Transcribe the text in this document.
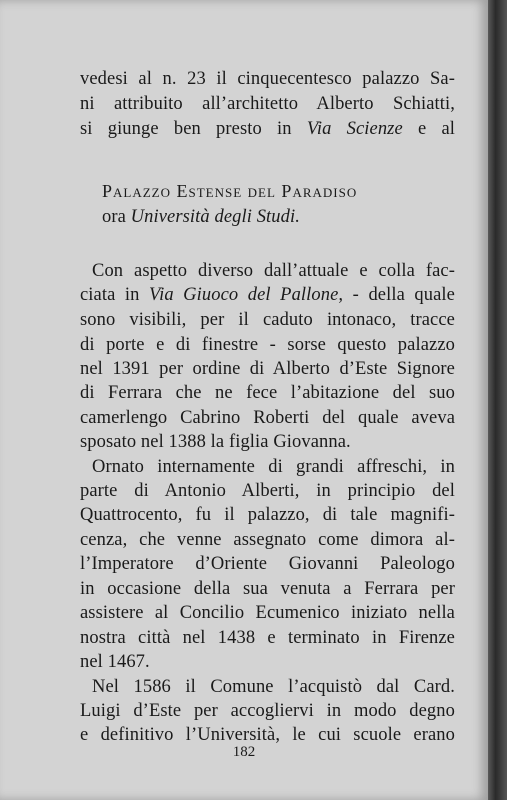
vedesi al n. 23 il cinquecentesco palazzo Sa-
ni attribuito all’architetto Alberto Schiatti,
si giunge ben presto in Via Scienze e al
Palazzo Estense del Paradiso
ora Università degli Studi.
Con aspetto diverso dall’attuale e colla fac-
ciata in Via Giuoco del Pallone, - della quale
sono visibili, per il caduto intonaco, tracce
di porte e di finestre - sorse questo palazzo
nel 1391 per ordine di Alberto d’Este Signore
di Ferrara che ne fece l’abitazione del suo
camerlengo Cabrino Roberti del quale aveva
sposato nel 1388 la figlia Giovanna.
Ornato internamente di grandi affreschi, in
parte di Antonio Alberti, in principio del
Quattrocento, fu il palazzo, di tale magnifi-
cenza, che venne assegnato come dimora al-
l’Imperatore d’Oriente Giovanni Paleologo
in occasione della sua venuta a Ferrara per
assistere al Concilio Ecumenico iniziato nella
nostra città nel 1438 e terminato in Firenze
nel 1467.
Nel 1586 il Comune l’acquistò dal Card.
Luigi d’Este per accogliervi in modo degno
e definitivo l’Università, le cui scuole erano
182
